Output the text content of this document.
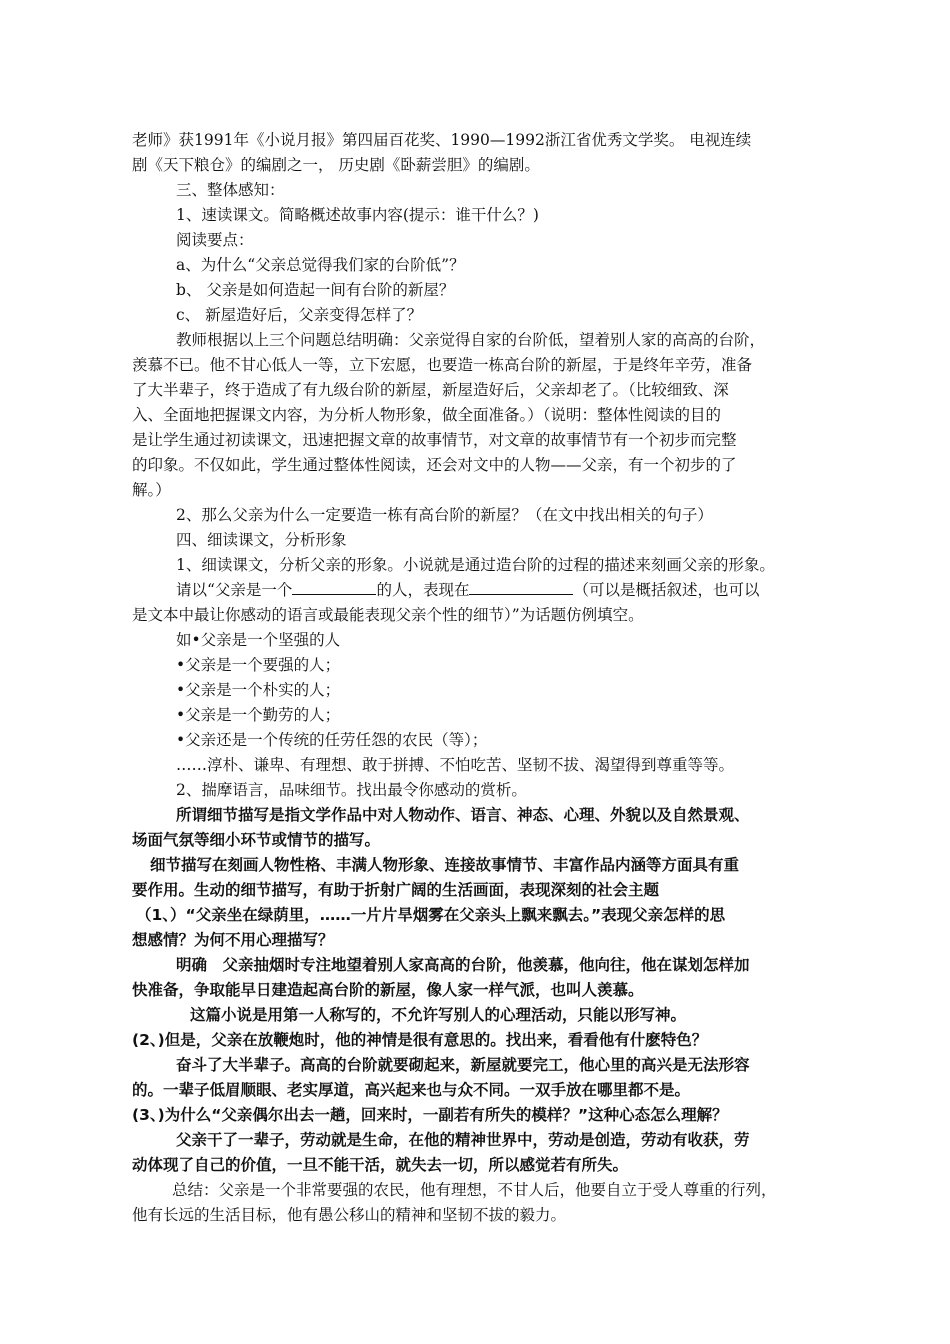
老师》获1991年《小说月报》第四届百花奖、1990—1992浙江省优秀文学奖。 电视连续
剧《天下粮仓》的编剧之一， 历史剧《卧薪尝胆》的编剧。
三、整体感知：
1、速读课文。简略概述故事内容(提示：谁干什么？)
阅读要点：
a、为什么“父亲总觉得我们家的台阶低”？
b、 父亲是如何造起一间有台阶的新屋？
c、 新屋造好后，父亲变得怎样了？
教师根据以上三个问题总结明确：父亲觉得自家的台阶低，望着别人家的高高的台阶，
羡慕不已。他不甘心低人一等，立下宏愿，也要造一栋高台阶的新屋，于是终年辛劳，准备
了大半辈子，终于造成了有九级台阶的新屋，新屋造好后，父亲却老了。（比较细致、深
入、全面地把握课文内容，为分析人物形象，做全面准备。）（说明：整体性阅读的目的
是让学生通过初读课文，迅速把握文章的故事情节，对文章的故事情节有一个初步而完整
的印象。不仅如此，学生通过整体性阅读，还会对文中的人物——父亲，有一个初步的了
解。）
2、那么父亲为什么一定要造一栋有高台阶的新屋？（在文中找出相关的句子）
四、细读课文，分析形象
1、细读课文，分析父亲的形象。小说就是通过造台阶的过程的描述来刻画父亲的形象。
请以“父亲是一个	的人，表现在	（可以是概括叙述，也可以
是文本中最让你感动的语言或最能表现父亲个性的细节）”为话题仿例填空。
如•父亲是一个坚强的人
•父亲是一个要强的人；
•父亲是一个朴实的人；
•父亲是一个勤劳的人；
•父亲还是一个传统的任劳任怨的农民（等）；
……淳朴、谦卑、有理想、敢于拼搏、不怕吃苦、坚韧不拔、渴望得到尊重等等。
2、揣摩语言，品味细节。找出最令你感动的赏析。
所谓细节描写是指文学作品中对人物动作、语言、神态、心理、外貌以及自然景观、
场面气氛等细小环节或情节的描写。
细节描写在刻画人物性格、丰满人物形象、连接故事情节、丰富作品内涵等方面具有重
要作用。生动的细节描写，有助于折射广阔的生活画面，表现深刻的社会主题
（1、）“父亲坐在绿荫里，……一片片旱烟雾在父亲头上飘来飘去。”表现父亲怎样的思
想感情？为何不用心理描写？
明确　父亲抽烟时专注地望着别人家高高的台阶，他羡慕，他向往，他在谋划怎样加
快准备，争取能早日建造起高台阶的新屋，像人家一样气派，也叫人羡慕。
这篇小说是用第一人称写的，不允许写别人的心理活动，只能以形写神。
(2、)但是，父亲在放鞭炮时，他的神情是很有意思的。找出来，看看他有什麽特色？
奋斗了大半辈子。高高的台阶就要砌起来，新屋就要完工，他心里的高兴是无法形容
的。一辈子低眉顺眼、老实厚道，高兴起来也与众不同。一双手放在哪里都不是。
(3、)为什么“父亲偶尔出去一趟，回来时，一副若有所失的模样？”这种心态怎么理解？
父亲干了一辈子，劳动就是生命，在他的精神世界中，劳动是创造，劳动有收获，劳
动体现了自己的价值，一旦不能干活，就失去一切，所以感觉若有所失。
总结：父亲是一个非常要强的农民，他有理想，不甘人后，他要自立于受人尊重的行列，
他有长远的生活目标，他有愚公移山的精神和坚韧不拔的毅力。
